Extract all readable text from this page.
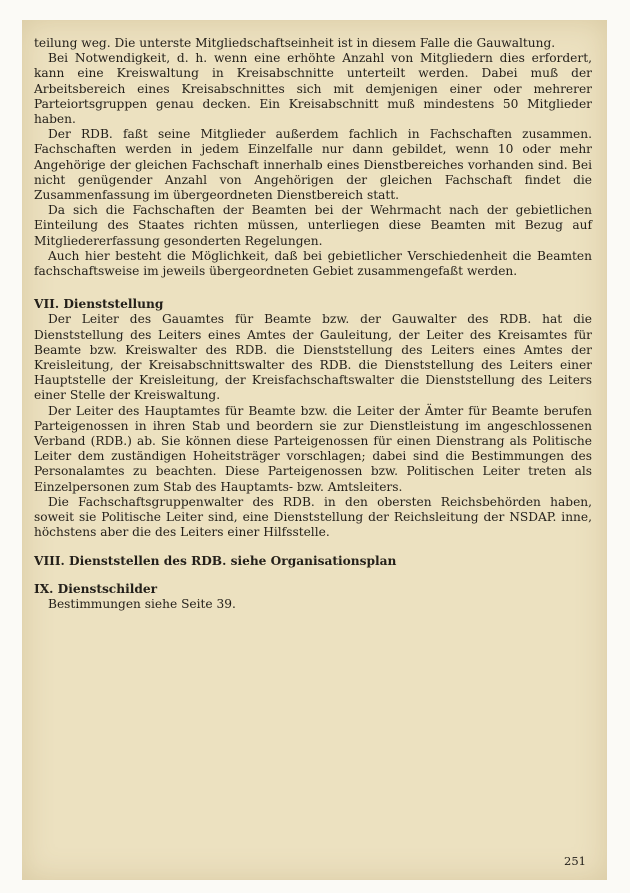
teilung weg. Die unterste Mitgliedschaftseinheit ist in diesem Falle die Gauwaltung.

Bei Notwendigkeit, d. h. wenn eine erhöhte Anzahl von Mitgliedern dies erfordert, kann eine Kreiswaltung in Kreisabschnitte unterteilt werden. Dabei muß der Arbeitsbereich eines Kreisabschnittes sich mit demjenigen einer oder mehrerer Parteiortsgruppen genau decken. Ein Kreisabschnitt muß mindestens 50 Mitglieder haben.

Der RDB. faßt seine Mitglieder außerdem fachlich in Fachschaften zusammen. Fachschaften werden in jedem Einzelfalle nur dann gebildet, wenn 10 oder mehr Angehörige der gleichen Fachschaft innerhalb eines Dienstbereiches vorhanden sind. Bei nicht genügender Anzahl von Angehörigen der gleichen Fachschaft findet die Zusammenfassung im übergeordneten Dienstbereich statt.

Da sich die Fachschaften der Beamten bei der Wehrmacht nach der gebietlichen Einteilung des Staates richten müssen, unterliegen diese Beamten mit Bezug auf Mitgliedererfassung gesonderten Regelungen.

Auch hier besteht die Möglichkeit, daß bei gebietlicher Verschiedenheit die Beamten fachschaftsweise im jeweils übergeordneten Gebiet zusammengefaßt werden.

VII. Dienststellung

Der Leiter des Gauamtes für Beamte bzw. der Gauwalter des RDB. hat die Dienststellung des Leiters eines Amtes der Gauleitung, der Leiter des Kreisamtes für Beamte bzw. Kreiswalter des RDB. die Dienststellung des Leiters eines Amtes der Kreisleitung, der Kreisabschnittswalter des RDB. die Dienststellung des Leiters einer Hauptstelle der Kreisleitung, der Kreisfachschaftswalter die Dienststellung des Leiters einer Stelle der Kreiswaltung.

Der Leiter des Hauptamtes für Beamte bzw. die Leiter der Ämter für Beamte berufen Parteigenossen in ihren Stab und beordern sie zur Dienstleistung im angeschlossenen Verband (RDB.) ab. Sie können diese Parteigenossen für einen Dienstrang als Politische Leiter dem zuständigen Hoheitsträger vorschlagen; dabei sind die Bestimmungen des Personalamtes zu beachten. Diese Parteigenossen bzw. Politischen Leiter treten als Einzelpersonen zum Stab des Hauptamts- bzw. Amtsleiters.

Die Fachschaftsgruppenwalter des RDB. in den obersten Reichsbehörden haben, soweit sie Politische Leiter sind, eine Dienststellung der Reichsleitung der NSDAP. inne, höchstens aber die des Leiters einer Hilfsstelle.

VIII. Dienststellen des RDB. siehe Organisationsplan

IX. Dienstschilder

Bestimmungen siehe Seite 39.

251
